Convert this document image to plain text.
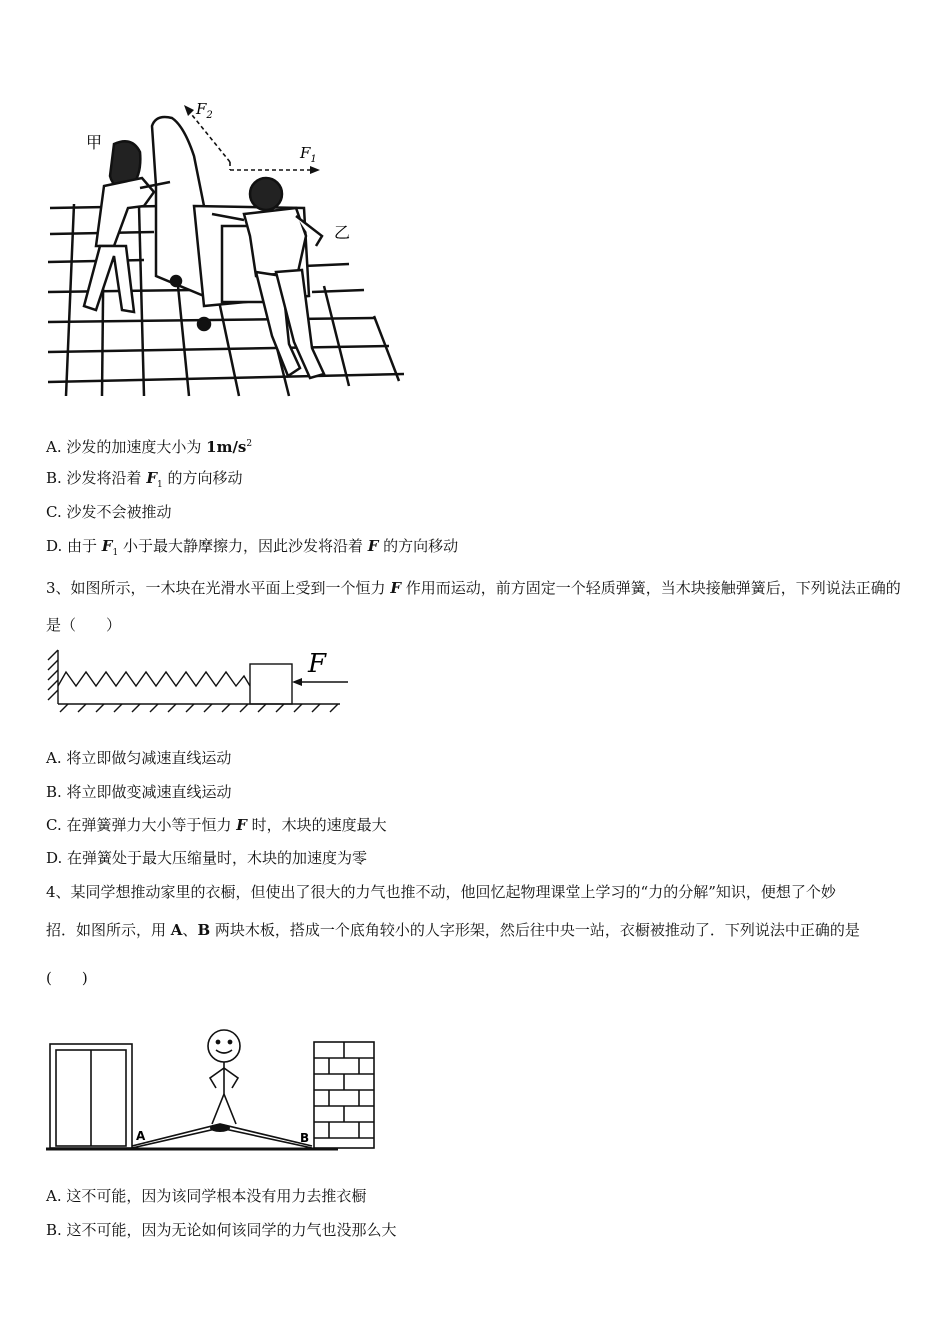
$F_2$
$F_1$
甲
乙
A. 沙发的加速度大小为 $1m/s^2$
B. 沙发将沿着 $F_1$ 的方向移动
C. 沙发不会被推动
D. 由于 $F_1$ 小于最大静摩擦力，因此沙发将沿着 F 的方向移动
3、如图所示，一木块在光滑水平面上受到一个恒力 F 作用而运动，前方固定一个轻质弹簧，当木块接触弹簧后，下列说法正确的是（　　）
F
A. 将立即做匀减速直线运动
B. 将立即做变减速直线运动
C. 在弹簧弹力大小等于恒力 F 时，木块的速度最大
D. 在弹簧处于最大压缩量时，木块的加速度为零
4、某同学想推动家里的衣橱，但使出了很大的力气也推不动，他回忆起物理课堂上学习的“力的分解”知识，便想了个妙
招．如图所示，用 A、B 两块木板，搭成一个底角较小的人字形架，然后往中央一站，衣橱被推动了．下列说法中正确的是
(　　)
A	B
A. 这不可能，因为该同学根本没有用力去推衣橱
B. 这不可能，因为无论如何该同学的力气也没那么大
